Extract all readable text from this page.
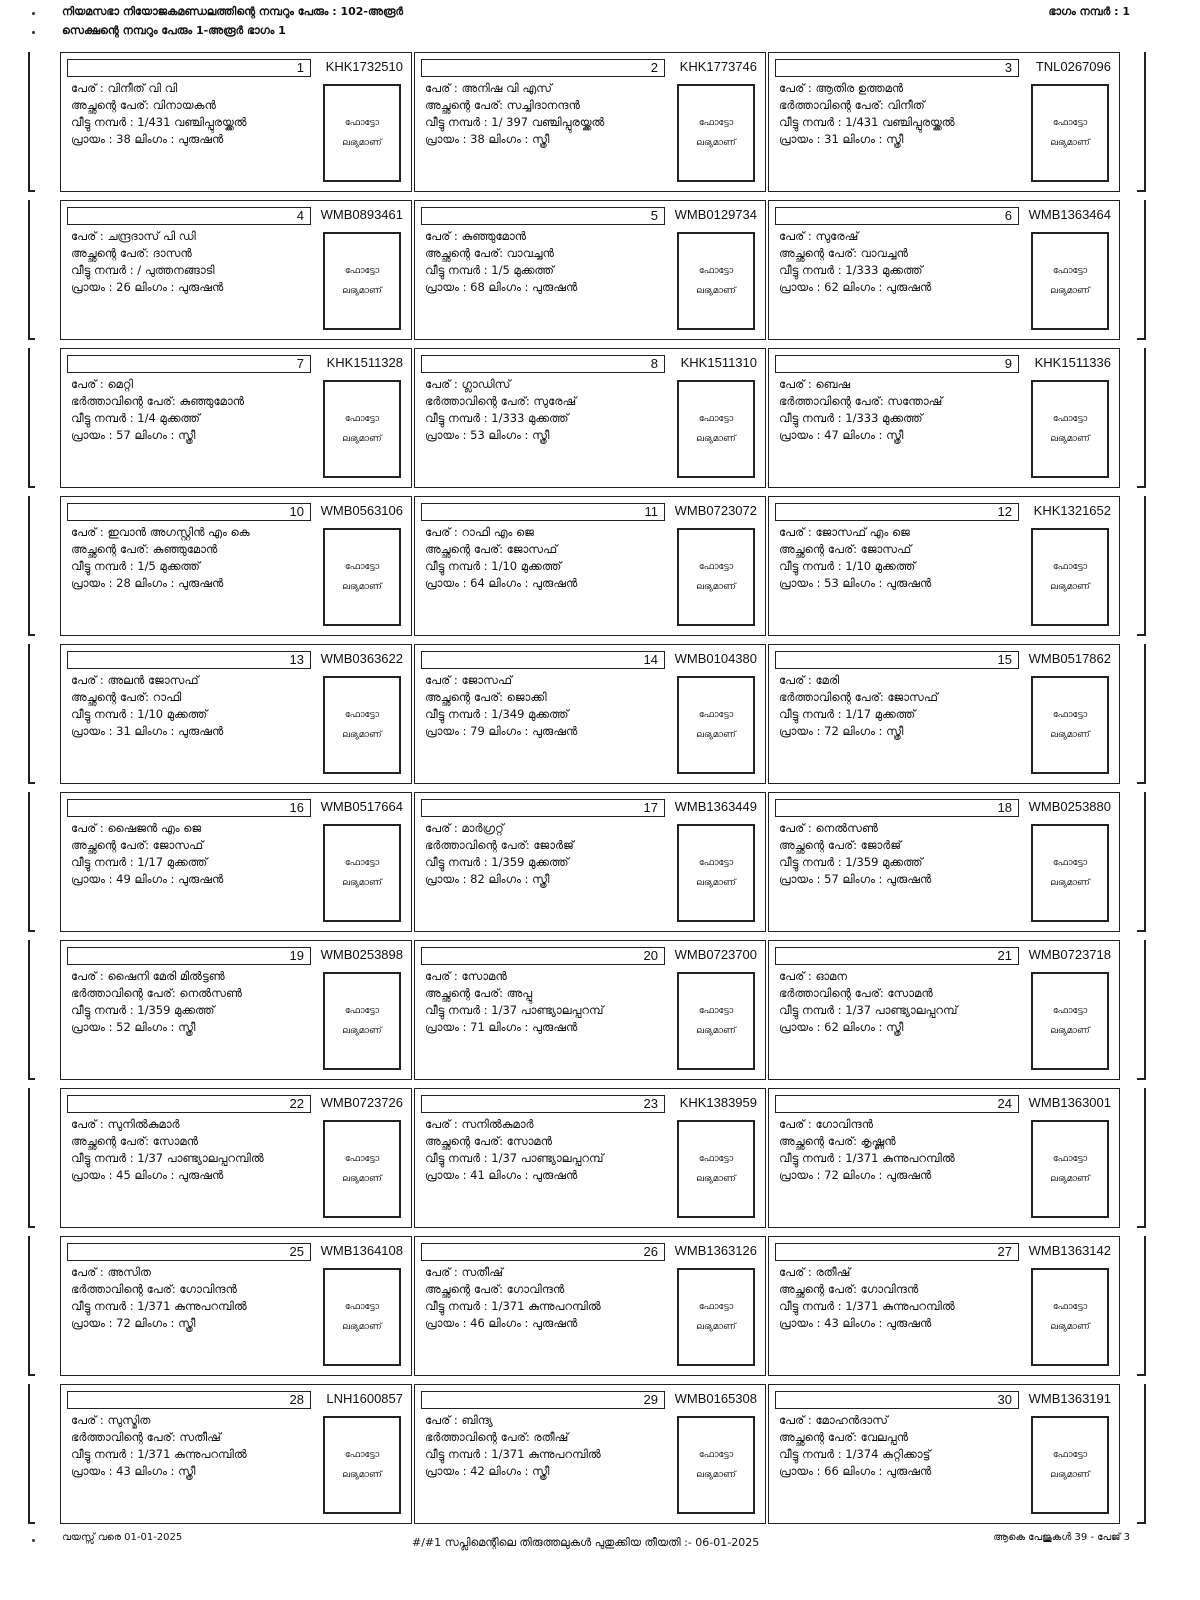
നിയമസഭാ നിയോജകമണ്ഡലത്തിന്റെ നമ്പറും പേരും : 102-അരൂർ	ഭാഗം നമ്പർ : 1
സെക്ഷന്റെ നമ്പറും പേരും 1-അരൂർ ഭാഗം 1
1	KHK1732510
പേര് : വിനീത് വി വി
അച്ഛന്റെ പേര്: വിനായകൻ
വീട്ടു നമ്പർ : 1/431 വഞ്ചിപ്പുരയ്ക്കൽ
പ്രായം : 38 ലിംഗം : പുരുഷൻ
ഫോട്ടോ
ലഭ്യമാണ്
2	KHK1773746
പേര് : അനിഷ വി എസ്
അച്ഛന്റെ പേര്: സച്ചിദാനന്ദൻ
വീട്ടു നമ്പർ : 1/ 397 വഞ്ചിപ്പുരയ്ക്കൽ
പ്രായം : 38 ലിംഗം : സ്ത്രീ
ഫോട്ടോ
ലഭ്യമാണ്
3	TNL0267096
പേര് : ആതിര ഉത്തമൻ
ഭർത്താവിന്റെ പേര്: വിനീത്
വീട്ടു നമ്പർ : 1/431 വഞ്ചിപ്പുരയ്ക്കൽ
പ്രായം : 31 ലിംഗം : സ്ത്രീ
ഫോട്ടോ
ലഭ്യമാണ്
4	WMB0893461
പേര് : ചന്ദ്രദാസ് പി ഡി
അച്ഛന്റെ പേര്: ദാസൻ
വീട്ടു നമ്പർ : / പുത്തനങ്ങാടി
പ്രായം : 26 ലിംഗം : പുരുഷൻ
ഫോട്ടോ
ലഭ്യമാണ്
5	WMB0129734
പേര് : കുഞ്ഞുമോൻ
അച്ഛന്റെ പേര്: വാവച്ചൻ
വീട്ടു നമ്പർ : 1/5 മുക്കത്ത്
പ്രായം : 68 ലിംഗം : പുരുഷൻ
ഫോട്ടോ
ലഭ്യമാണ്
6	WMB1363464
പേര് : സുരേഷ്
അച്ഛന്റെ പേര്: വാവച്ചൻ
വീട്ടു നമ്പർ : 1/333 മുക്കത്ത്
പ്രായം : 62 ലിംഗം : പുരുഷൻ
ഫോട്ടോ
ലഭ്യമാണ്
7	KHK1511328
പേര് : മെറ്റി
ഭർത്താവിന്റെ പേര്: കുഞ്ഞുമോൻ
വീട്ടു നമ്പർ : 1/4 മുക്കത്ത്
പ്രായം : 57 ലിംഗം : സ്ത്രീ
ഫോട്ടോ
ലഭ്യമാണ്
8	KHK1511310
പേര് : ഗ്ലാഡിസ്
ഭർത്താവിന്റെ പേര്: സുരേഷ്
വീട്ടു നമ്പർ : 1/333 മുക്കത്ത്
പ്രായം : 53 ലിംഗം : സ്ത്രീ
ഫോട്ടോ
ലഭ്യമാണ്
9	KHK1511336
പേര് : ബെഷ
ഭർത്താവിന്റെ പേര്: സന്തോഷ്
വീട്ടു നമ്പർ : 1/333 മുക്കത്ത്
പ്രായം : 47 ലിംഗം : സ്ത്രീ
ഫോട്ടോ
ലഭ്യമാണ്
10	WMB0563106
പേര് : ഇവാൻ അഗസ്റ്റിൻ എം കെ
അച്ഛന്റെ പേര്: കുഞ്ഞുമോൻ
വീട്ടു നമ്പർ : 1/5 മുക്കത്ത്
പ്രായം : 28 ലിംഗം : പുരുഷൻ
ഫോട്ടോ
ലഭ്യമാണ്
11	WMB0723072
പേര് : റാഫി എം ജെ
അച്ഛന്റെ പേര്: ജോസഫ്
വീട്ടു നമ്പർ : 1/10 മുക്കത്ത്
പ്രായം : 64 ലിംഗം : പുരുഷൻ
ഫോട്ടോ
ലഭ്യമാണ്
12	KHK1321652
പേര് : ജോസഫ് എം ജെ
അച്ഛന്റെ പേര്: ജോസഫ്
വീട്ടു നമ്പർ : 1/10 മുക്കത്ത്
പ്രായം : 53 ലിംഗം : പുരുഷൻ
ഫോട്ടോ
ലഭ്യമാണ്
13	WMB0363622
പേര് : അലൻ ജോസഫ്
അച്ഛന്റെ പേര്: റാഫി
വീട്ടു നമ്പർ : 1/10 മുക്കത്ത്
പ്രായം : 31 ലിംഗം : പുരുഷൻ
ഫോട്ടോ
ലഭ്യമാണ്
14	WMB0104380
പേര് : ജോസഫ്
അച്ഛന്റെ പേര്: ജൊക്കി
വീട്ടു നമ്പർ : 1/349 മുക്കത്ത്
പ്രായം : 79 ലിംഗം : പുരുഷൻ
ഫോട്ടോ
ലഭ്യമാണ്
15	WMB0517862
പേര് : മേരി
ഭർത്താവിന്റെ പേര്: ജോസഫ്
വീട്ടു നമ്പർ : 1/17 മുക്കത്ത്
പ്രായം : 72 ലിംഗം : സ്ത്രീ
ഫോട്ടോ
ലഭ്യമാണ്
16	WMB0517664
പേര് : ഷൈജൻ എം ജെ
അച്ഛന്റെ പേര്: ജോസഫ്
വീട്ടു നമ്പർ : 1/17 മുക്കത്ത്
പ്രായം : 49 ലിംഗം : പുരുഷൻ
ഫോട്ടോ
ലഭ്യമാണ്
17	WMB1363449
പേര് : മാർഗ്രറ്റ്
ഭർത്താവിന്റെ പേര്: ജോർജ്
വീട്ടു നമ്പർ : 1/359 മുക്കത്ത്
പ്രായം : 82 ലിംഗം : സ്ത്രീ
ഫോട്ടോ
ലഭ്യമാണ്
18	WMB0253880
പേര് : നെൽസൺ
അച്ഛന്റെ പേര്: ജോർജ്
വീട്ടു നമ്പർ : 1/359 മുക്കത്ത്
പ്രായം : 57 ലിംഗം : പുരുഷൻ
ഫോട്ടോ
ലഭ്യമാണ്
19	WMB0253898
പേര് : ഷൈനി മേരി മിൽട്ടൺ
ഭർത്താവിന്റെ പേര്: നെൽസൺ
വീട്ടു നമ്പർ : 1/359 മുക്കത്ത്
പ്രായം : 52 ലിംഗം : സ്ത്രീ
ഫോട്ടോ
ലഭ്യമാണ്
20	WMB0723700
പേര് : സോമൻ
അച്ഛന്റെ പേര്: അപ്പു
വീട്ടു നമ്പർ : 1/37 പാണ്ട്യാലപ്പറമ്പ്
പ്രായം : 71 ലിംഗം : പുരുഷൻ
ഫോട്ടോ
ലഭ്യമാണ്
21	WMB0723718
പേര് : ഓമന
ഭർത്താവിന്റെ പേര്: സോമൻ
വീട്ടു നമ്പർ : 1/37 പാണ്ട്യാലപ്പറമ്പ്
പ്രായം : 62 ലിംഗം : സ്ത്രീ
ഫോട്ടോ
ലഭ്യമാണ്
22	WMB0723726
പേര് : സുനിൽകുമാർ
അച്ഛന്റെ പേര്: സോമൻ
വീട്ടു നമ്പർ : 1/37 പാണ്ട്യാലപ്പറമ്പിൽ
പ്രായം : 45 ലിംഗം : പുരുഷൻ
ഫോട്ടോ
ലഭ്യമാണ്
23	KHK1383959
പേര് : സനിൽകുമാർ
അച്ഛന്റെ പേര്: സോമൻ
വീട്ടു നമ്പർ : 1/37 പാണ്ട്യാലപ്പറമ്പ്
പ്രായം : 41 ലിംഗം : പുരുഷൻ
ഫോട്ടോ
ലഭ്യമാണ്
24	WMB1363001
പേര് : ഗോവിന്ദൻ
അച്ഛന്റെ പേര്: കൃഷ്ണൻ
വീട്ടു നമ്പർ : 1/371 കുന്നുപറമ്പിൽ
പ്രായം : 72 ലിംഗം : പുരുഷൻ
ഫോട്ടോ
ലഭ്യമാണ്
25	WMB1364108
പേര് : അസിത
ഭർത്താവിന്റെ പേര്: ഗോവിന്ദൻ
വീട്ടു നമ്പർ : 1/371 കുന്നുപറമ്പിൽ
പ്രായം : 72 ലിംഗം : സ്ത്രീ
ഫോട്ടോ
ലഭ്യമാണ്
26	WMB1363126
പേര് : സതീഷ്
അച്ഛന്റെ പേര്: ഗോവിന്ദൻ
വീട്ടു നമ്പർ : 1/371 കുന്നുപറമ്പിൽ
പ്രായം : 46 ലിംഗം : പുരുഷൻ
ഫോട്ടോ
ലഭ്യമാണ്
27	WMB1363142
പേര് : രതീഷ്
അച്ഛന്റെ പേര്: ഗോവിന്ദൻ
വീട്ടു നമ്പർ : 1/371 കുന്നുപറമ്പിൽ
പ്രായം : 43 ലിംഗം : പുരുഷൻ
ഫോട്ടോ
ലഭ്യമാണ്
28	LNH1600857
പേര് : സുസ്മിത
ഭർത്താവിന്റെ പേര്: സതീഷ്
വീട്ടു നമ്പർ : 1/371 കുന്നുപറമ്പിൽ
പ്രായം : 43 ലിംഗം : സ്ത്രീ
ഫോട്ടോ
ലഭ്യമാണ്
29	WMB0165308
പേര് : ബിന്ദ്യ
ഭർത്താവിന്റെ പേര്: രതീഷ്
വീട്ടു നമ്പർ : 1/371 കുന്നുപറമ്പിൽ
പ്രായം : 42 ലിംഗം : സ്ത്രീ
ഫോട്ടോ
ലഭ്യമാണ്
30	WMB1363191
പേര് : മോഹൻദാസ്
അച്ഛന്റെ പേര്: വേലപ്പൻ
വീട്ടു നമ്പർ : 1/374 കുറ്റിക്കാട്ട്
പ്രായം : 66 ലിംഗം : പുരുഷൻ
ഫോട്ടോ
ലഭ്യമാണ്
വയസ്സ് വരെ 01-01-2025	#/#1 സപ്ലിമെന്റിലെ തിരുത്തലുകൾ പുതുക്കിയ തീയതി :- 06-01-2025	ആകെ പേജുകൾ 39 - പേജ് 3
